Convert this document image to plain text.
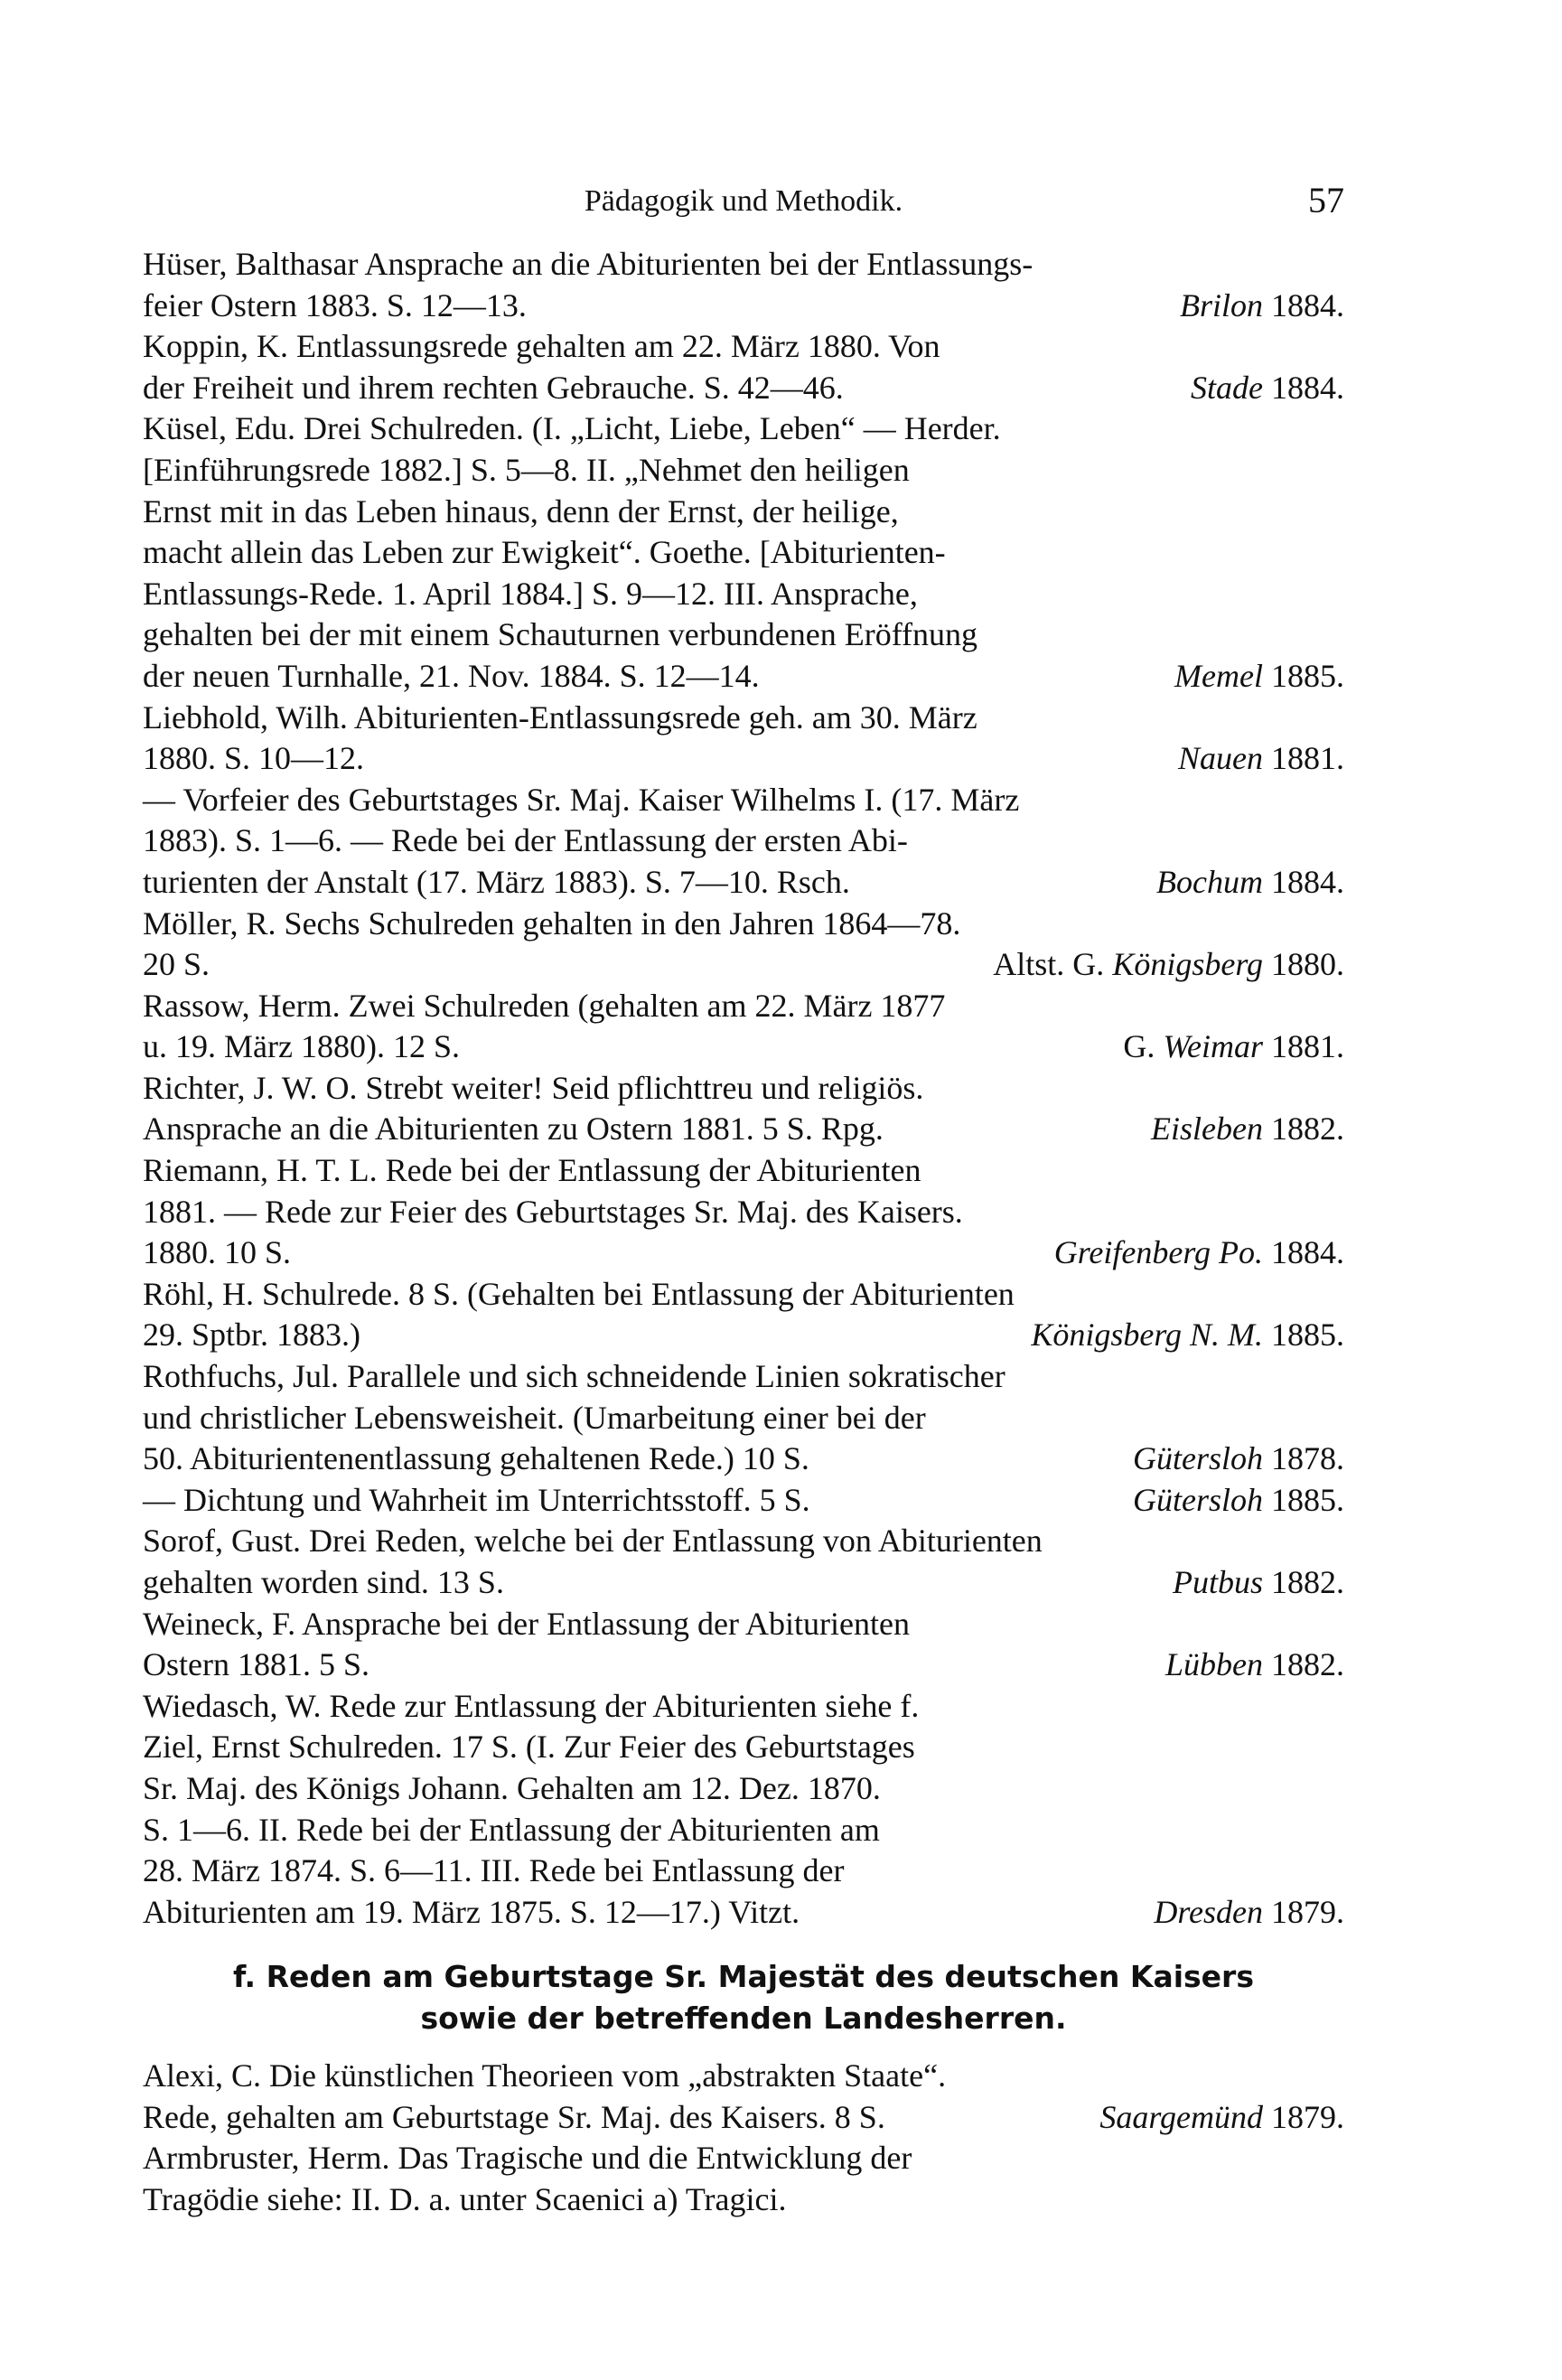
Pädagogik und Methodik.	57
Hüser, Balthasar Ansprache an die Abiturienten bei der Entlassungs-
Brilon 1884.
feier Ostern 1883. S. 12—13.
Koppin, K. Entlassungsrede gehalten am 22. März 1880. Von
Stade 1884.
der Freiheit und ihrem rechten Gebrauche. S. 42—46.
Küsel, Edu. Drei Schulreden. (I. „Licht, Liebe, Leben“ — Herder.
[Einführungsrede 1882.] S. 5—8. II. „Nehmet den heiligen
Ernst mit in das Leben hinaus, denn der Ernst, der heilige,
macht allein das Leben zur Ewigkeit“. Goethe. [Abiturienten-
Entlassungs-Rede. 1. April 1884.] S. 9—12. III. Ansprache,
gehalten bei der mit einem Schauturnen verbundenen Eröffnung
Memel 1885.
der neuen Turnhalle, 21. Nov. 1884. S. 12—14.
Liebhold, Wilh. Abiturienten-Entlassungsrede geh. am 30. März
Nauen 1881.
1880. S. 10—12.
— Vorfeier des Geburtstages Sr. Maj. Kaiser Wilhelms I. (17. März
1883). S. 1—6. — Rede bei der Entlassung der ersten Abi-
Bochum 1884.
turienten der Anstalt (17. März 1883). S. 7—10. Rsch.
Möller, R. Sechs Schulreden gehalten in den Jahren 1864—78.
Altst. G. Königsberg 1880.
20 S.
Rassow, Herm. Zwei Schulreden (gehalten am 22. März 1877
G. Weimar 1881.
u. 19. März 1880). 12 S.
Richter, J. W. O. Strebt weiter! Seid pflichttreu und religiös.
Eisleben 1882.
Ansprache an die Abiturienten zu Ostern 1881. 5 S. Rpg.
Riemann, H. T. L. Rede bei der Entlassung der Abiturienten
1881. — Rede zur Feier des Geburtstages Sr. Maj. des Kaisers.
Greifenberg Po. 1884.
1880. 10 S.
Röhl, H. Schulrede. 8 S. (Gehalten bei Entlassung der Abiturienten
Königsberg N. M. 1885.
29. Sptbr. 1883.)
Rothfuchs, Jul. Parallele und sich schneidende Linien sokratischer
und christlicher Lebensweisheit. (Umarbeitung einer bei der
Gütersloh 1878.
50. Abiturientenentlassung gehaltenen Rede.) 10 S.
Gütersloh 1885.
— Dichtung und Wahrheit im Unterrichtsstoff. 5 S.
Sorof, Gust. Drei Reden, welche bei der Entlassung von Abiturienten
Putbus 1882.
gehalten worden sind. 13 S.
Weineck, F. Ansprache bei der Entlassung der Abiturienten
Lübben 1882.
Ostern 1881. 5 S.
Wiedasch, W. Rede zur Entlassung der Abiturienten siehe f.
Ziel, Ernst Schulreden. 17 S. (I. Zur Feier des Geburtstages
Sr. Maj. des Königs Johann. Gehalten am 12. Dez. 1870.
S. 1—6. II. Rede bei der Entlassung der Abiturienten am
28. März 1874. S. 6—11. III. Rede bei Entlassung der
Dresden 1879.
Abiturienten am 19. März 1875. S. 12—17.) Vitzt.
f. Reden am Geburtstage Sr. Majestät des deutschen Kaisers
sowie der betreffenden Landesherren.
Alexi, C. Die künstlichen Theorieen vom „abstrakten Staate“.
Saargemünd 1879.
Rede, gehalten am Geburtstage Sr. Maj. des Kaisers. 8 S.
Armbruster, Herm. Das Tragische und die Entwicklung der
Tragödie siehe: II. D. a. unter Scaenici a) Tragici.
